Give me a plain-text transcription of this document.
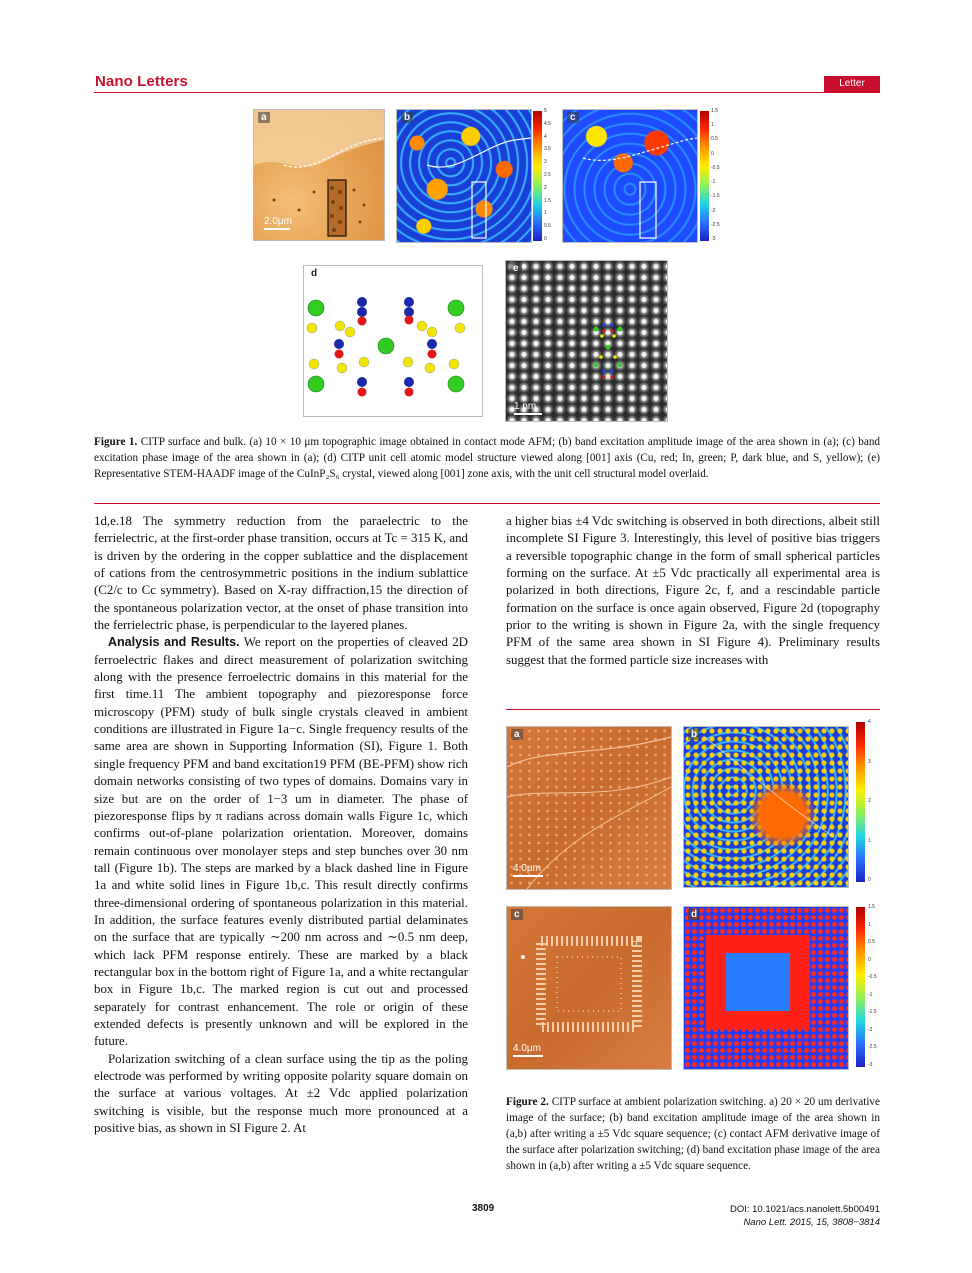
Nano Letters	Letter
a
2.0μm
b
5
4.5
4
3.5
3
2.5
2
1.5
1
0.5
0
c
1.5
1
0.5
0
-0.5
-1
-1.5
-2
-2.5
-3
d	e
1 nm
Figure 1. CITP surface and bulk. (a) 10 × 10 μm topographic image obtained in contact mode AFM; (b) band excitation amplitude image of the area shown in (a); (c) band excitation phase image of the area shown in (a); (d) CITP unit cell atomic model structure viewed along [001] axis (Cu, red; In, green; P, dark blue, and S, yellow); (e) Representative STEM-HAADF image of the CuInP₂S₆ crystal, viewed along [001] zone axis, with the unit cell structural model overlaid.

1d,e.18 The symmetry reduction from the paraelectric to the ferrielectric, at the first-order phase transition, occurs at Tc = 315 K, and is driven by the ordering in the copper sublattice and the displacement of cations from the centrosymmetric positions in the indium sublattice (C2/c to Cc symmetry). Based on X-ray diffraction,15 the direction of the spontaneous polarization vector, at the onset of phase transition into the ferrielectric phase, is perpendicular to the layered planes.

Analysis and Results. We report on the properties of cleaved 2D ferroelectric flakes and direct measurement of polarization switching along with the presence ferroelectric domains in this material for the first time.11 The ambient topography and piezoresponse force microscopy (PFM) study of bulk single crystals cleaved in ambient conditions are illustrated in Figure 1a−c. Single frequency results of the same area are shown in Supporting Information (SI), Figure 1. Both single frequency PFM and band excitation19 PFM (BE-PFM) show rich domain networks consisting of two types of domains. Domains vary in size but are on the order of 1−3 um in diameter. The phase of piezoresponse flips by π radians across domain walls Figure 1c, which confirms out-of-plane polarization orientation. Moreover, domains remain continuous over monolayer steps and step bunches over 30 nm tall (Figure 1b). The steps are marked by a black dashed line in Figure 1a and white solid lines in Figure 1b,c. This result directly confirms three-dimensional ordering of spontaneous polarization in this material. In addition, the surface features evenly distributed partial delaminates on the surface that are typically ∼200 nm across and ∼0.5 nm deep, which lack PFM response entirely. These are marked by a black rectangular box in the bottom right of Figure 1a, and a white rectangular box in Figure 1b,c. The marked region is cut out and processed separately for contrast enhancement. The role or origin of these extended defects is presently unknown and will be explored in the future.

Polarization switching of a clean surface using the tip as the poling electrode was performed by writing opposite polarity square domain on the surface at various voltages. At ±2 Vdc applied polarization switching is visible, but the response much more pronounced at a positive bias, as shown in SI Figure 2. At

a higher bias ±4 Vdc switching is observed in both directions, albeit still incomplete SI Figure 3. Interestingly, this level of positive bias triggers a reversible topographic change in the form of small spherical particles forming on the surface. At ±5 Vdc practically all experimental area is polarized in both directions, Figure 2c, f, and a rescindable particle formation on the surface is once again observed, Figure 2d (topography prior to the writing is shown in Figure 2a, with the single frequency PFM of the same area shown in SI Figure 4). Preliminary results suggest that the formed particle size increases with

a
4.0μm
b
4
3
2
1
0
c
4.0μm
d
1.5
1
0.5
0
-0.5
-1
-1.5
-2
-2.5
-3
Figure 2. CITP surface at ambient polarization switching. a) 20 × 20 um derivative image of the surface; (b) band excitation amplitude image of the area shown in (a,b) after writing a ±5 Vdc square sequence; (c) contact AFM derivative image of the surface after polarization switching; (d) band excitation phase image of the area shown in (a,b) after writing a ±5 Vdc square sequence.
3809	DOI: 10.1021/acs.nanolett.5b00491
Nano Lett. 2015, 15, 3808−3814
